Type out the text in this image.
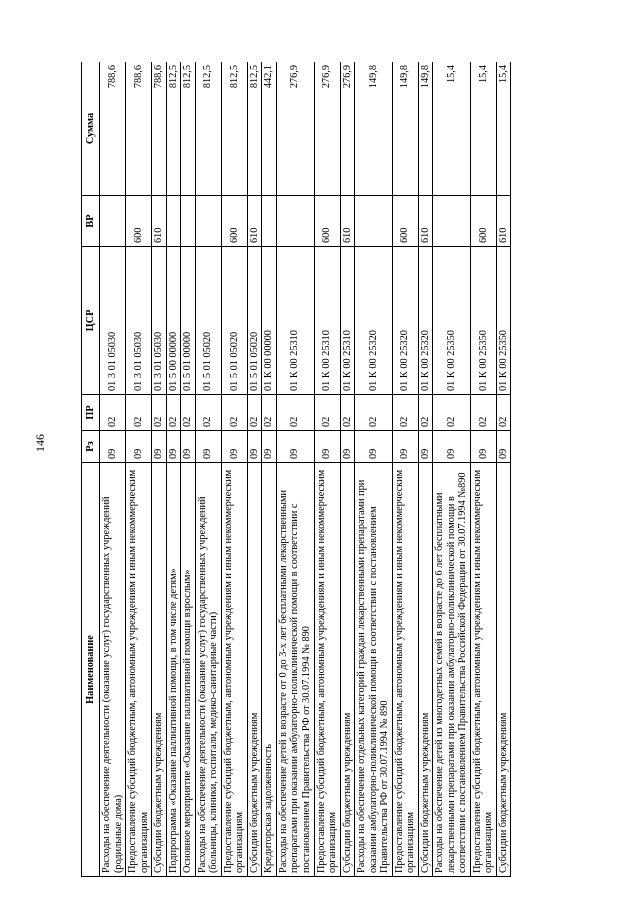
146
Наименование	Рз	ПР	ЦСР	ВР	Сумма
Расходы на обеспечение деятельности (оказание услуг) государственных учреждений (родильные дома)	09	02	01 3 01 05030		788,6
Предоставление субсидий бюджетным, автономным учреждениям и иным некоммерческим организациям	09	02	01 3 01 05030	600	788,6
Субсидии бюджетным учреждениям	09	02	01 3 01 05030	610	788,6
Подпрограмма «Оказание паллиативной помощи, в том числе детям»	09	02	01 5 00 00000		812,5
Основное мероприятие «Оказание паллиативной помощи взрослым»	09	02	01 5 01 00000		812,5
Расходы на обеспечение деятельности (оказание услуг) государственных учреждений (больницы, клиники, госпитали, медико-санитарные части)	09	02	01 5 01 05020		812,5
Предоставление субсидий бюджетным, автономным учреждениям и иным некоммерческим организациям	09	02	01 5 01 05020	600	812,5
Субсидии бюджетным учреждениям	09	02	01 5 01 05020	610	812,5
Кредиторская задолженность	09	02	01 К 00 00000		442,1
Расходы на обеспечение детей в возрасте от 0 до 3-х лет бесплатными лекарственными препаратами при оказании амбулаторно-поликлинической помощи в соответствии с постановлением Правительства РФ от 30.07.1994 № 890	09	02	01 К 00 25310		276,9
Предоставление субсидий бюджетным, автономным учреждениям и иным некоммерческим организациям	09	02	01 К 00 25310	600	276,9
Субсидии бюджетным учреждениям	09	02	01 К 00 25310	610	276,9
Расходы на обеспечение отдельных категорий граждан лекарственными препаратами при оказании амбулаторно-поликлинической помощи в соответствии с постановлением Правительства РФ от 30.07.1994 № 890	09	02	01 К 00 25320		149,8
Предоставление субсидий бюджетным, автономным учреждениям и иным некоммерческим организациям	09	02	01 К 00 25320	600	149,8
Субсидии бюджетным учреждениям	09	02	01 К 00 25320	610	149,8
Расходы на обеспечение детей из многодетных семей в возрасте до 6 лет бесплатными лекарственными препаратами при оказании амбулаторно-поликлинической помощи в соответствии с постановлением Правительства Российской Федерации от 30.07.1994 №890	09	02	01 К 00 25350		15,4
Предоставление субсидий бюджетным, автономным учреждениям и иным некоммерческим организациям	09	02	01 К 00 25350	600	15,4
Субсидии бюджетным учреждениям	09	02	01 К 00 25350	610	15,4
